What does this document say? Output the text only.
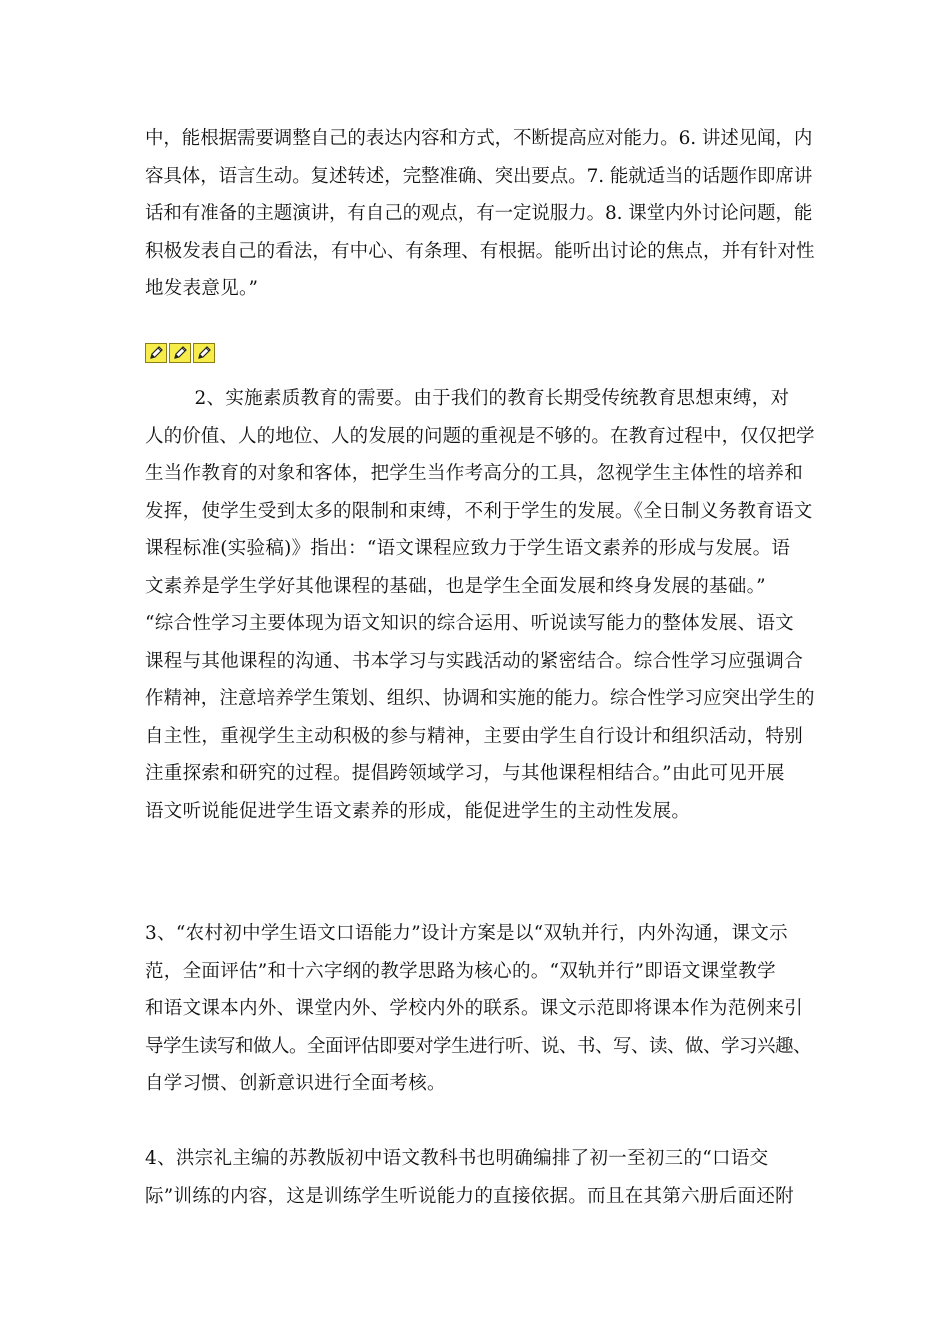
中，能根据需要调整自己的表达内容和方式，不断提高应对能力。6. 讲述见闻，内
容具体，语言生动。复述转述，完整准确、突出要点。7. 能就适当的话题作即席讲
话和有准备的主题演讲，有自己的观点，有一定说服力。8. 课堂内外讨论问题，能
积极发表自己的看法，有中心、有条理、有根据。能听出讨论的焦点，并有针对性
地发表意见。”
2、实施素质教育的需要。由于我们的教育长期受传统教育思想束缚，对
人的价值、人的地位、人的发展的问题的重视是不够的。在教育过程中，仅仅把学
生当作教育的对象和客体，把学生当作考高分的工具，忽视学生主体性的培养和
发挥，使学生受到太多的限制和束缚，不利于学生的发展。《全日制义务教育语文
课程标准(实验稿)》指出：“语文课程应致力于学生语文素养的形成与发展。语
文素养是学生学好其他课程的基础，也是学生全面发展和终身发展的基础。”
“综合性学习主要体现为语文知识的综合运用、听说读写能力的整体发展、语文
课程与其他课程的沟通、书本学习与实践活动的紧密结合。综合性学习应强调合
作精神，注意培养学生策划、组织、协调和实施的能力。综合性学习应突出学生的
自主性，重视学生主动积极的参与精神，主要由学生自行设计和组织活动，特别
注重探索和研究的过程。提倡跨领域学习，与其他课程相结合。”由此可见开展
语文听说能促进学生语文素养的形成，能促进学生的主动性发展。
3、“农村初中学生语文口语能力”设计方案是以“双轨并行，内外沟通，课文示
范，全面评估”和十六字纲的教学思路为核心的。“双轨并行”即语文课堂教学
和语文课本内外、课堂内外、学校内外的联系。课文示范即将课本作为范例来引
导学生读写和做人。全面评估即要对学生进行听、说、书、写、读、做、学习兴趣、
自学习惯、创新意识进行全面考核。
4、洪宗礼主编的苏教版初中语文教科书也明确编排了初一至初三的“口语交
际”训练的内容，这是训练学生听说能力的直接依据。而且在其第六册后面还附
